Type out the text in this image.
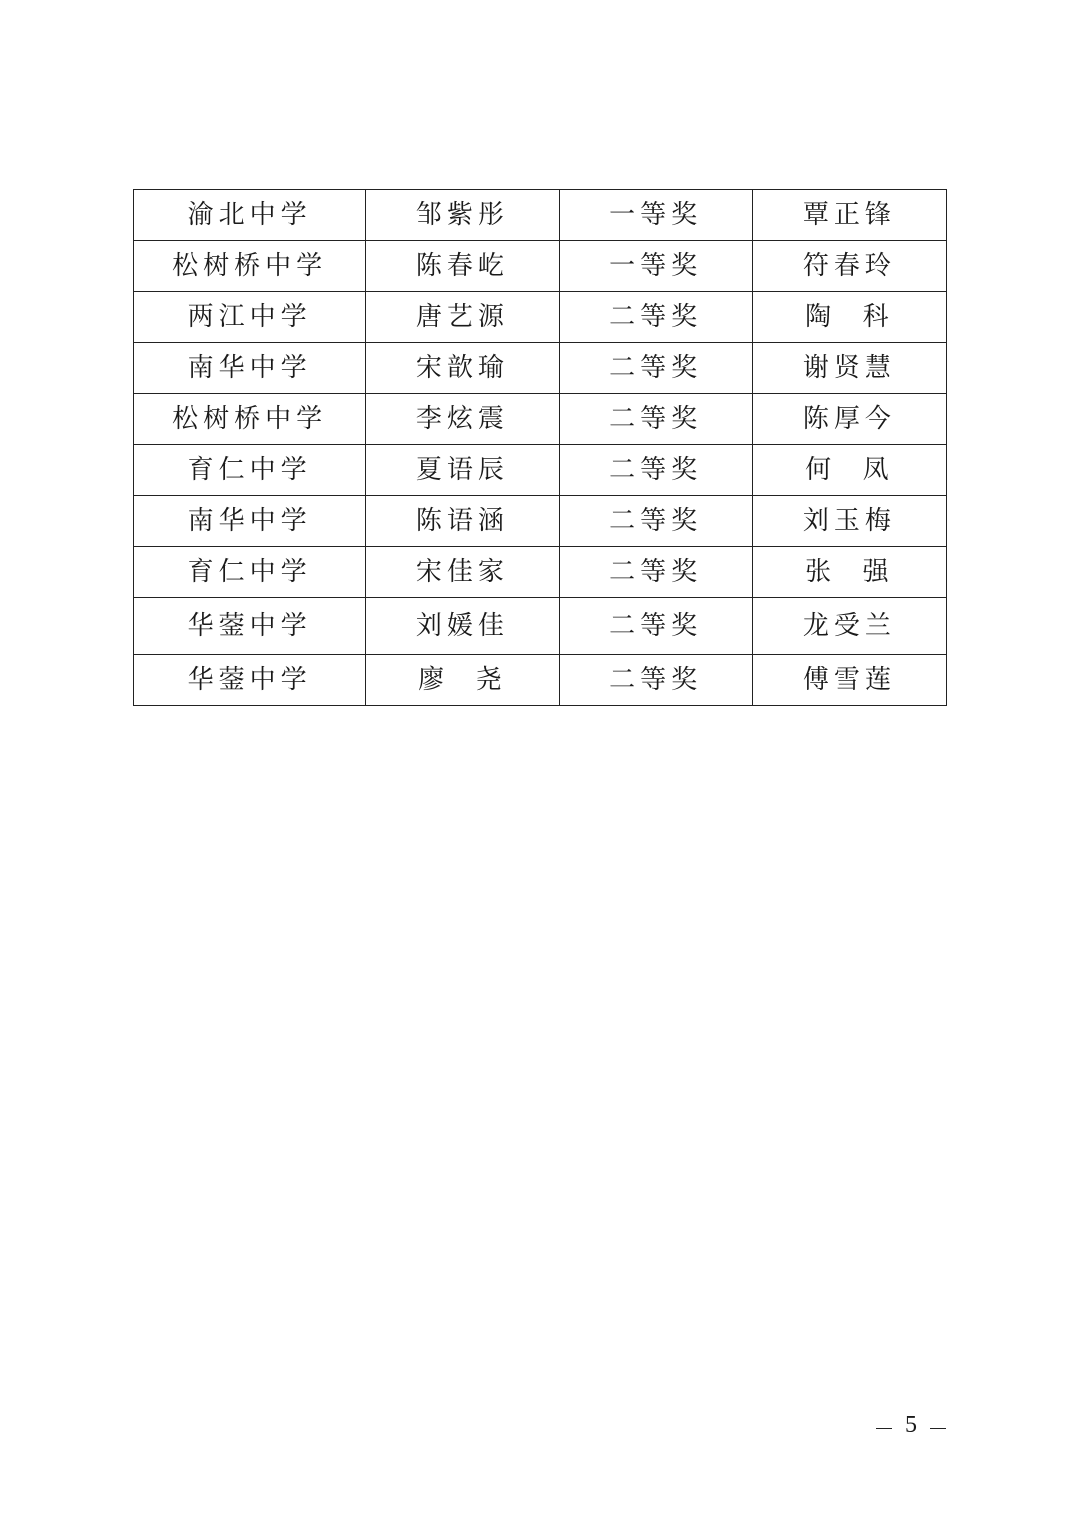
渝北中学	邹紫彤	一等奖	覃正锋
松树桥中学	陈春屹	一等奖	符春玲
两江中学	唐艺源	二等奖	陶  科
南华中学	宋歆瑜	二等奖	谢贤慧
松树桥中学	李炫震	二等奖	陈厚今
育仁中学	夏语辰	二等奖	何  凤
南华中学	陈语涵	二等奖	刘玉梅
育仁中学	宋佳家	二等奖	张  强
华蓥中学	刘媛佳	二等奖	龙受兰
华蓥中学	廖  尧	二等奖	傅雪莲
5
